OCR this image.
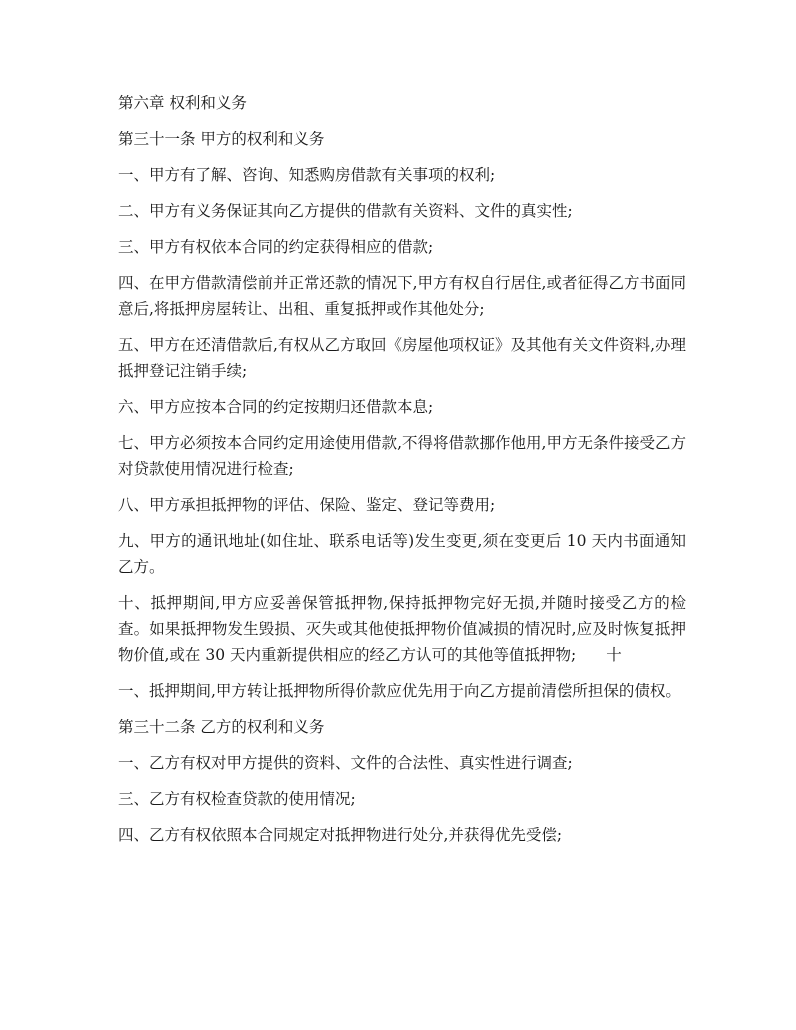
第六章 权利和义务

第三十一条 甲方的权利和义务

一、甲方有了解、咨询、知悉购房借款有关事项的权利;

二、甲方有义务保证其向乙方提供的借款有关资料、文件的真实性;

三、甲方有权依本合同的约定获得相应的借款;

四、在甲方借款清偿前并正常还款的情况下,甲方有权自行居住,或者征得乙方书面同意后,将抵押房屋转让、出租、重复抵押或作其他处分;

五、甲方在还清借款后,有权从乙方取回《房屋他项权证》及其他有关文件资料,办理抵押登记注销手续;

六、甲方应按本合同的约定按期归还借款本息;

七、甲方必须按本合同约定用途使用借款,不得将借款挪作他用,甲方无条件接受乙方对贷款使用情况进行检查;

八、甲方承担抵押物的评估、保险、鉴定、登记等费用;

九、甲方的通讯地址(如住址、联系电话等)发生变更,须在变更后 10 天内书面通知乙方。

十、抵押期间,甲方应妥善保管抵押物,保持抵押物完好无损,并随时接受乙方的检查。如果抵押物发生毁损、灭失或其他使抵押物价值减损的情况时,应及时恢复抵押物价值,或在 30 天内重新提供相应的经乙方认可的其他等值抵押物; 十

一、抵押期间,甲方转让抵押物所得价款应优先用于向乙方提前清偿所担保的债权。

第三十二条 乙方的权利和义务

一、乙方有权对甲方提供的资料、文件的合法性、真实性进行调查;

三、乙方有权检查贷款的使用情况;

四、乙方有权依照本合同规定对抵押物进行处分,并获得优先受偿;
